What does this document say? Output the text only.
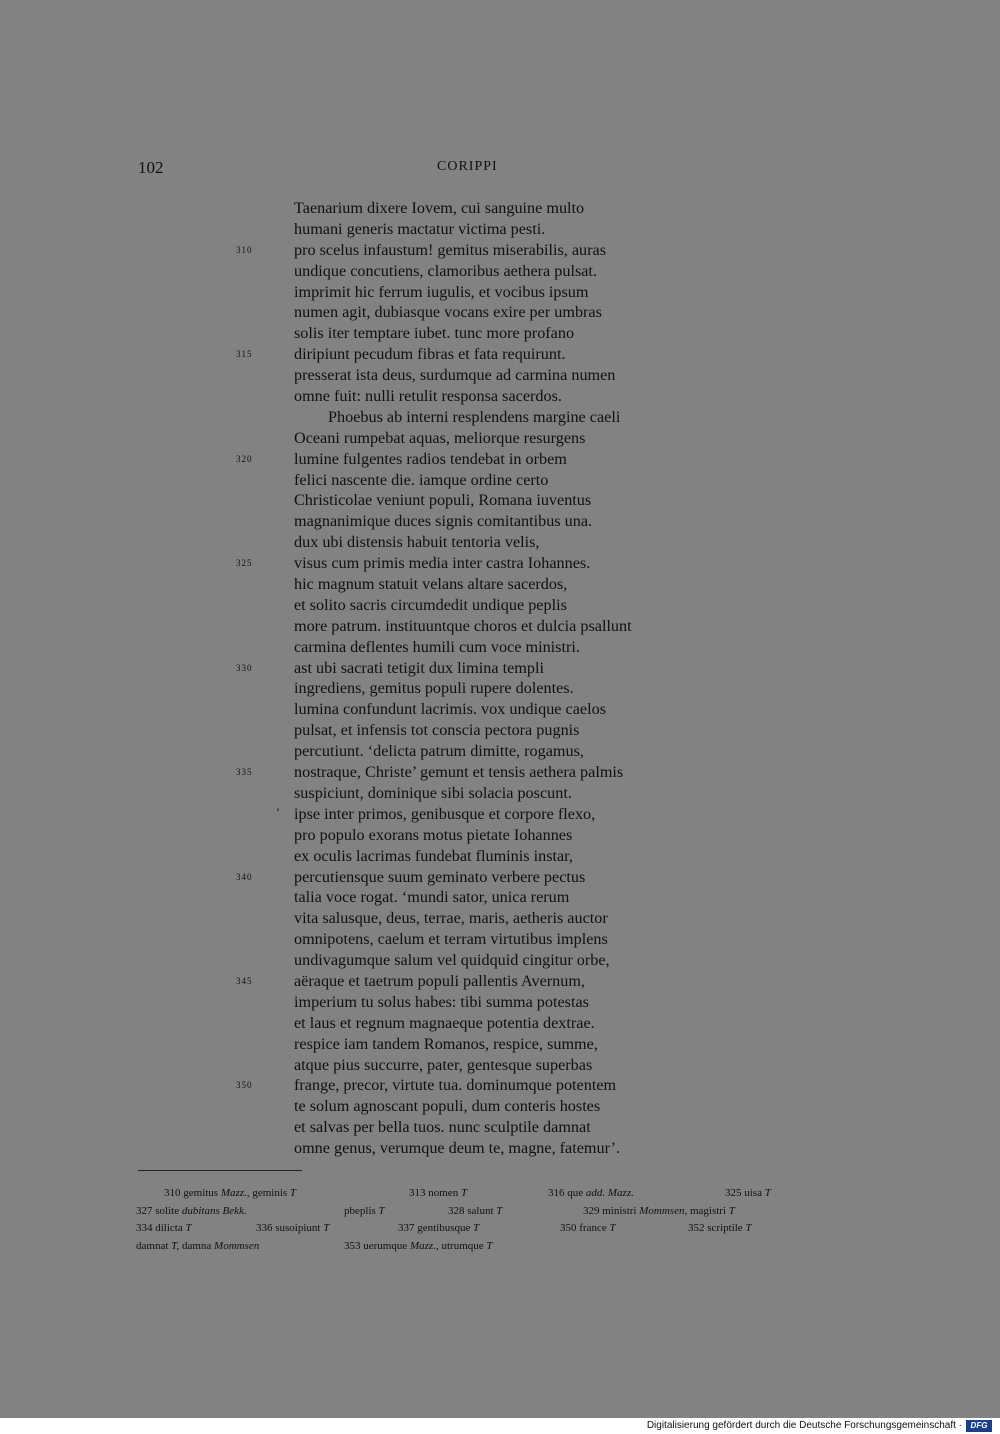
102	CORIPPI
Taenarium dixere Iovem, cui sanguine multo
humani generis mactatur victima pesti.
310	pro scelus infaustum! gemitus miserabilis, auras
undique concutiens, clamoribus aethera pulsat.
imprimit hic ferrum iugulis, et vocibus ipsum
numen agit, dubiasque vocans exire per umbras
solis iter temptare iubet. tunc more profano
315	diripiunt pecudum fibras et fata requirunt.
presserat ista deus, surdumque ad carmina numen
omne fuit: nulli retulit responsa sacerdos.
Phoebus ab interni resplendens margine caeli
Oceani rumpebat aquas, meliorque resurgens
320	lumine fulgentes radios tendebat in orbem
felici nascente die. iamque ordine certo
Christicolae veniunt populi, Romana iuventus
magnanimique duces signis comitantibus una.
dux ubi distensis habuit tentoria velis,
325	visus cum primis media inter castra Iohannes.
hic magnum statuit velans altare sacerdos,
et solito sacris circumdedit undique peplis
more patrum. instituuntque choros et dulcia psallunt
carmina deflentes humili cum voce ministri.
330	ast ubi sacrati tetigit dux limina templi
ingrediens, gemitus populi rupere dolentes.
lumina confundunt lacrimis. vox undique caelos
pulsat, et infensis tot conscia pectora pugnis
percutiunt. ‘delicta patrum dimitte, rogamus,
335	nostraque, Christe’ gemunt et tensis aethera palmis
suspiciunt, dominique sibi solacia poscunt.
ipse inter primos, genibusque et corpore flexo,
pro populo exorans motus pietate Iohannes
ex oculis lacrimas fundebat fluminis instar,
340	percutiensque suum geminato verbere pectus
talia voce rogat. ‘mundi sator, unica rerum
vita salusque, deus, terrae, maris, aetheris auctor
omnipotens, caelum et terram virtutibus implens
undivagumque salum vel quidquid cingitur orbe,
345	aëraque et taetrum populi pallentis Avernum,
imperium tu solus habes: tibi summa potestas
et laus et regnum magnaeque potentia dextrae.
respice iam tandem Romanos, respice, summe,
atque pius succurre, pater, gentesque superbas
350	frange, precor, virtute tua. dominumque potentem
te solum agnoscant populi, dum conteris hostes
et salvas per bella tuos. nunc sculptile damnat
omne genus, verumque deum te, magne, fatemur’.
‘
310 gemitus Mazz., geminis T	313 nomen T	316 que add. Mazz.	325 uisa T
327 solite dubitans Bekk.	pbeplis T	328 salunt T	329 ministri Mommsen, magistri T
334 dilicta T	336 susoipiunt T	337 gentibusque T	350 france T	352 scriptile T
damnat T, damna Mommsen	353 uerumque Mazz., utrumque T
Digitalisierung gefördert durch die Deutsche Forschungsgemeinschaft ·	DFG
